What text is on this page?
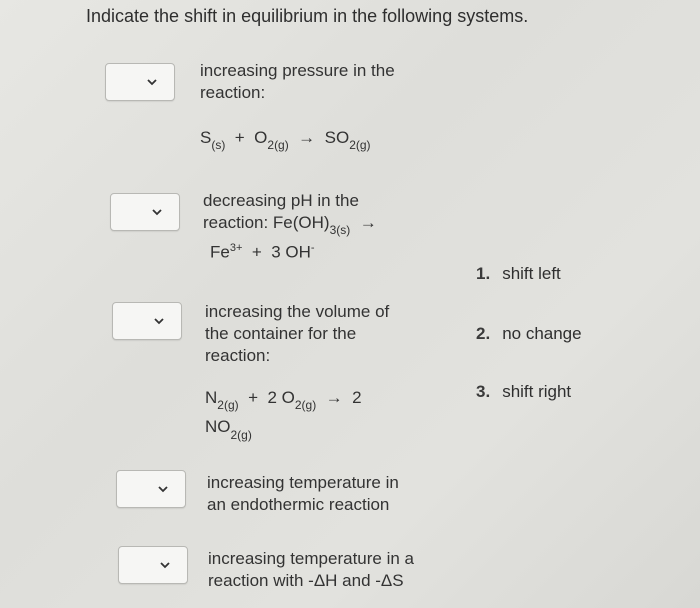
Indicate the shift in equilibrium in the following systems.
increasing pressure in the
reaction:
$S_{(s)} + O_{2(g)} \to SO_{2(g)}$
decreasing pH in the
reaction: $Fe(OH)_{3(s)}$  →
$Fe^{3+} + 3$ OH-
increasing the volume of
the container for the
reaction:
$N_{2(g)} + 2$ $O_{2(g)} \to 2$
$NO_{2(g)}$
increasing temperature in
an endothermic reaction
increasing temperature in a
reaction with -ΔH and -ΔS
1. shift left
2. no change
3. shift right
